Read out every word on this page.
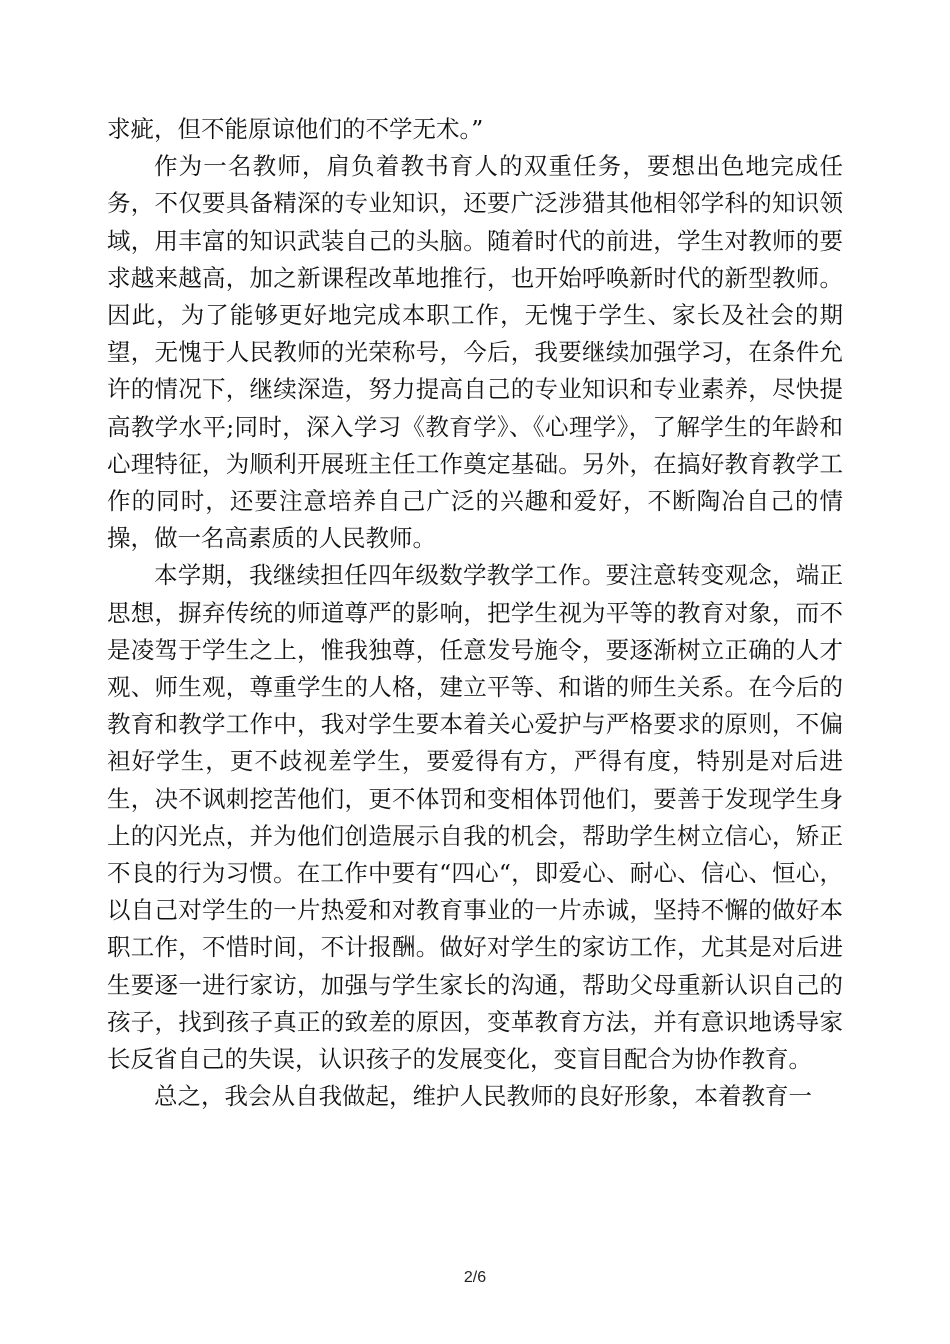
求疵，但不能原谅他们的不学无术。”

作为一名教师，肩负着教书育人的双重任务，要想出色地完成任务，不仅要具备精深的专业知识，还要广泛涉猎其他相邻学科的知识领域，用丰富的知识武装自己的头脑。随着时代的前进，学生对教师的要求越来越高，加之新课程改革地推行，也开始呼唤新时代的新型教师。因此，为了能够更好地完成本职工作，无愧于学生、家长及社会的期望，无愧于人民教师的光荣称号，今后，我要继续加强学习，在条件允许的情况下，继续深造，努力提高自己的专业知识和专业素养，尽快提高教学水平;同时，深入学习《教育学》、《心理学》，了解学生的年龄和心理特征，为顺利开展班主任工作奠定基础。另外，在搞好教育教学工作的同时，还要注意培养自己广泛的兴趣和爱好，不断陶冶自己的情操，做一名高素质的人民教师。

本学期，我继续担任四年级数学教学工作。要注意转变观念，端正思想，摒弃传统的师道尊严的影响，把学生视为平等的教育对象，而不是凌驾于学生之上，惟我独尊，任意发号施令，要逐渐树立正确的人才观、师生观，尊重学生的人格，建立平等、和谐的师生关系。在今后的教育和教学工作中，我对学生要本着关心爱护与严格要求的原则，不偏袒好学生，更不歧视差学生，要爱得有方，严得有度，特别是对后进生，决不讽刺挖苦他们，更不体罚和变相体罚他们，要善于发现学生身上的闪光点，并为他们创造展示自我的机会，帮助学生树立信心，矫正不良的行为习惯。在工作中要有“四心“，即爱心、耐心、信心、恒心，以自己对学生的一片热爱和对教育事业的一片赤诚，坚持不懈的做好本职工作，不惜时间，不计报酬。做好对学生的家访工作，尤其是对后进生要逐一进行家访，加强与学生家长的沟通，帮助父母重新认识自己的孩子，找到孩子真正的致差的原因，变革教育方法，并有意识地诱导家长反省自己的失误，认识孩子的发展变化，变盲目配合为协作教育。

总之，我会从自我做起，维护人民教师的良好形象，本着教育一

2/6
